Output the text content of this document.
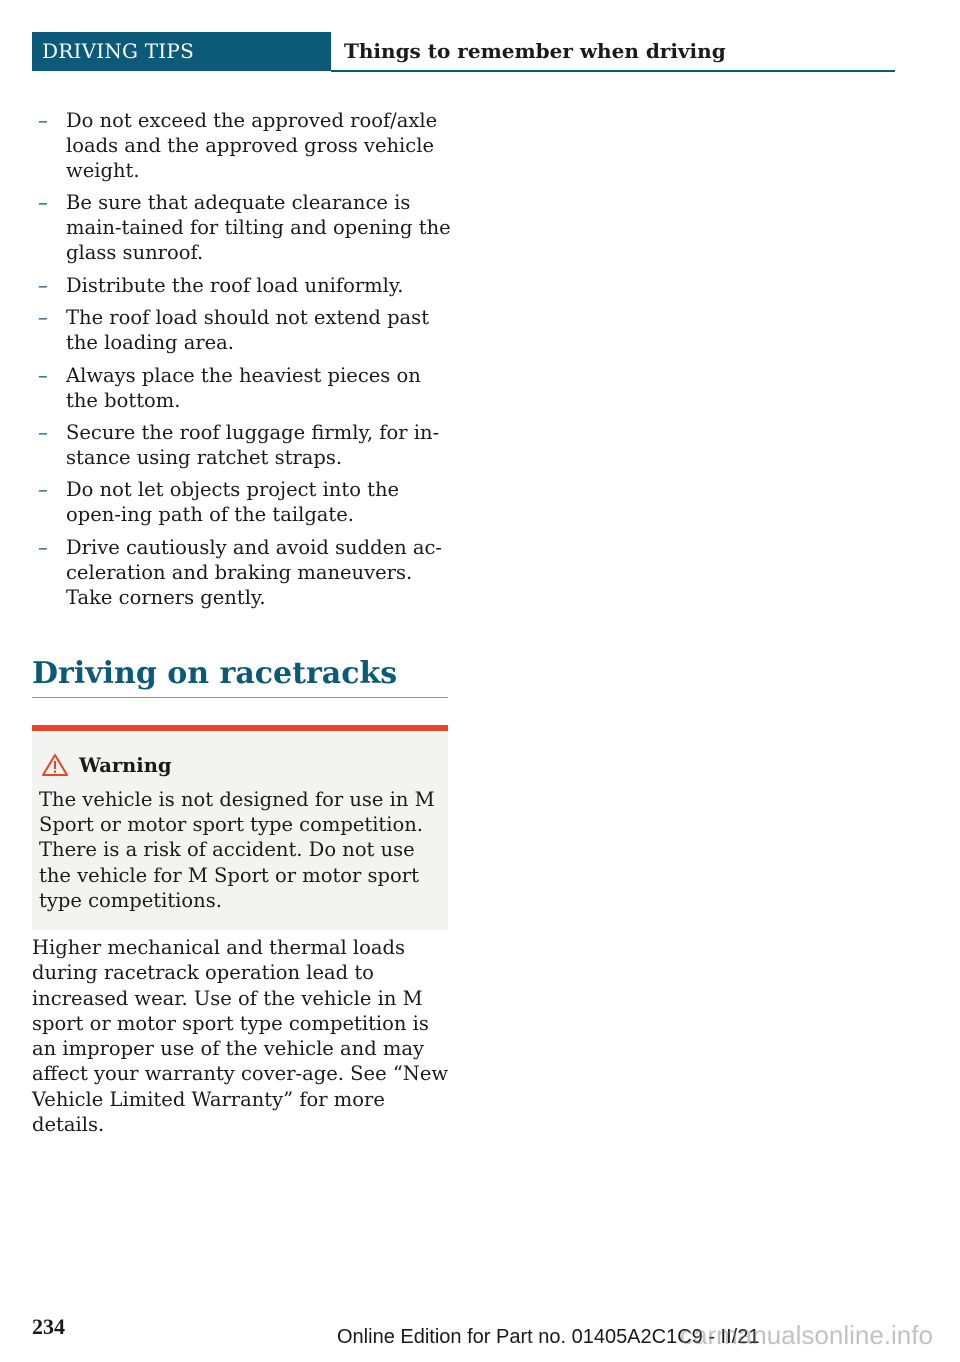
DRIVING TIPS	Things to remember when driving
– Do not exceed the approved roof/axle loads and the approved gross vehicle weight.
– Be sure that adequate clearance is main-tained for tilting and opening the glass sunroof.
– Distribute the roof load uniformly.
– The roof load should not extend past the loading area.
– Always place the heaviest pieces on the bottom.
– Secure the roof luggage firmly, for in-stance using ratchet straps.
– Do not let objects project into the open-ing path of the tailgate.
– Drive cautiously and avoid sudden ac-celeration and braking maneuvers. Take corners gently.
Driving on racetracks
Warning
The vehicle is not designed for use in M Sport or motor sport type competition. There is a risk of accident. Do not use the vehicle for M Sport or motor sport type competitions.

Higher mechanical and thermal loads during racetrack operation lead to increased wear. Use of the vehicle in M sport or motor sport type competition is an improper use of the vehicle and may affect your warranty cover-age. See “New Vehicle Limited Warranty” for more details.

234	Online Edition for Part no. 01405A2C1C9 - II/21
carmanualsonline.info
